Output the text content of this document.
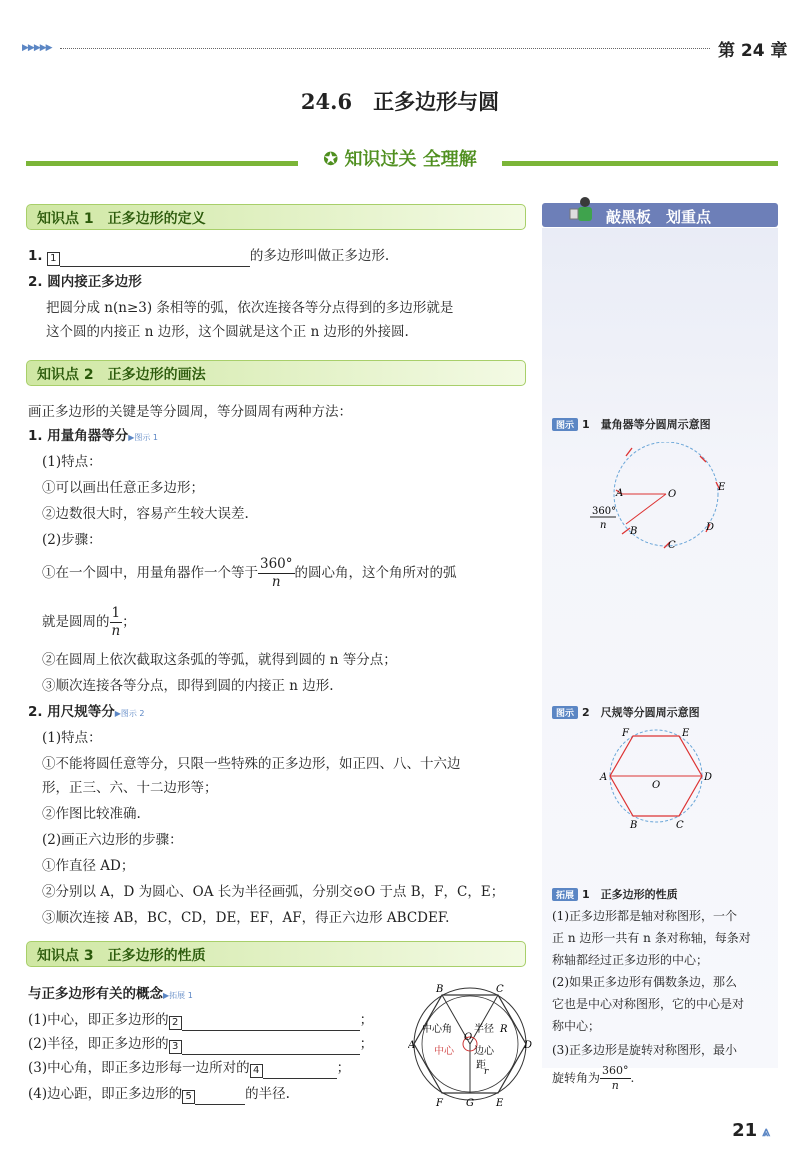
▶▶▶▶▶	第 24 章
24.6　正多边形与圆
✪ 知识过关 全理解
知识点 1　正多边形的定义
1. 1	的多边形叫做正多边形.
2. 圆内接正多边形
把圆分成 n(n≥3) 条相等的弧，依次连接各等分点得到的多边形就是
这个圆的内接正 n 边形，这个圆就是这个正 n 边形的外接圆.
知识点 2　正多边形的画法
画正多边形的关键是等分圆周，等分圆周有两种方法：
1. 用量角器等分▶图示 1
(1)特点：
①可以画出任意正多边形；
②边数很大时，容易产生较大误差.
(2)步骤：
①在一个圆中，用量角器作一个等于 $\frac{360^\circ}{n}$ 的圆心角，这个角所对的弧
就是圆周的 $\frac{1}{n}$ ；
②在圆周上依次截取这条弧的等弧，就得到圆的 n 等分点；
③顺次连接各等分点，即得到圆的内接正 n 边形.
2. 用尺规等分▶图示 2
(1)特点：
①不能将圆任意等分，只限一些特殊的正多边形，如正四、八、十六边
形，正三、六、十二边形等；
②作图比较准确.
(2)画正六边形的步骤：
①作直径 AD；
②分别以 A，D 为圆心、OA 长为半径画弧，分别交⊙O 于点 B，F，C，E；
③顺次连接 AB，BC，CD，DE，EF，AF，得正六边形 ABCDEF.
知识点 3　正多边形的性质
与正多边形有关的概念▶拓展 1
(1)中心，即正多边形的 2	；
(2)半径，即正多边形的 3	；
(3)中心角，即正多边形每一边所对的 4	；
(4)边心距，即正多边形的 5	的半径.
B	C
A	D
F	E
G
O
R
r
中心角 半径
中心 边心
距
敲黑板　划重点
图示 1　量角器等分圆周示意图
O
A
E
B
C
D
360°
n
图示 2　尺规等分圆周示意图
F	E
A	D
O
B	C
拓展 1　正多边形的性质
(1)正多边形都是轴对称图形，一个
正 n 边形一共有 n 条对称轴，每条对
称轴都经过正多边形的中心；
(2)如果正多边形有偶数条边，那么
它也是中心对称图形，它的中心是对
称中心；
(3)正多边形是旋转对称图形，最小
旋转角为 $\frac{360^\circ}{n}$ .
21 ⩓
